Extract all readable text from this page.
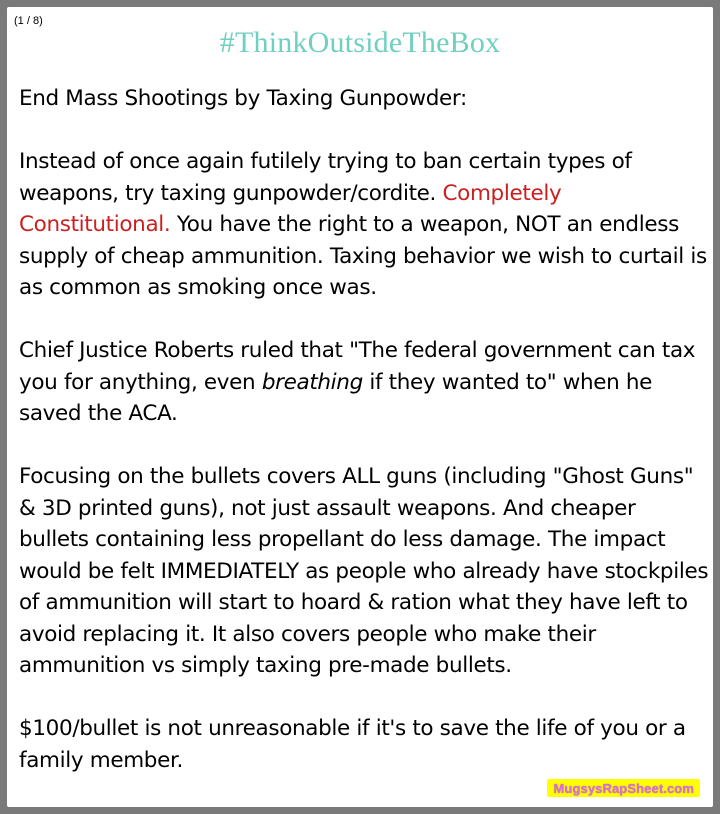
(1 / 8)
#ThinkOutsideTheBox

End Mass Shootings by Taxing Gunpowder:

Instead of once again futilely trying to ban certain types of weapons, try taxing gunpowder/cordite. Completely Constitutional. You have the right to a weapon, NOT an endless supply of cheap ammunition. Taxing behavior we wish to curtail is as common as smoking once was.

Chief Justice Roberts ruled that "The federal government can tax you for anything, even breathing if they wanted to" when he saved the ACA.

Focusing on the bullets covers ALL guns (including "Ghost Guns" & 3D printed guns), not just assault weapons. And cheaper bullets containing less propellant do less damage. The impact would be felt IMMEDIATELY as people who already have stockpiles of ammunition will start to hoard & ration what they have left to avoid replacing it. It also covers people who make their ammunition vs simply taxing pre-made bullets.

$100/bullet is not unreasonable if it's to save the life of you or a family member.

MugsysRapSheet.com
